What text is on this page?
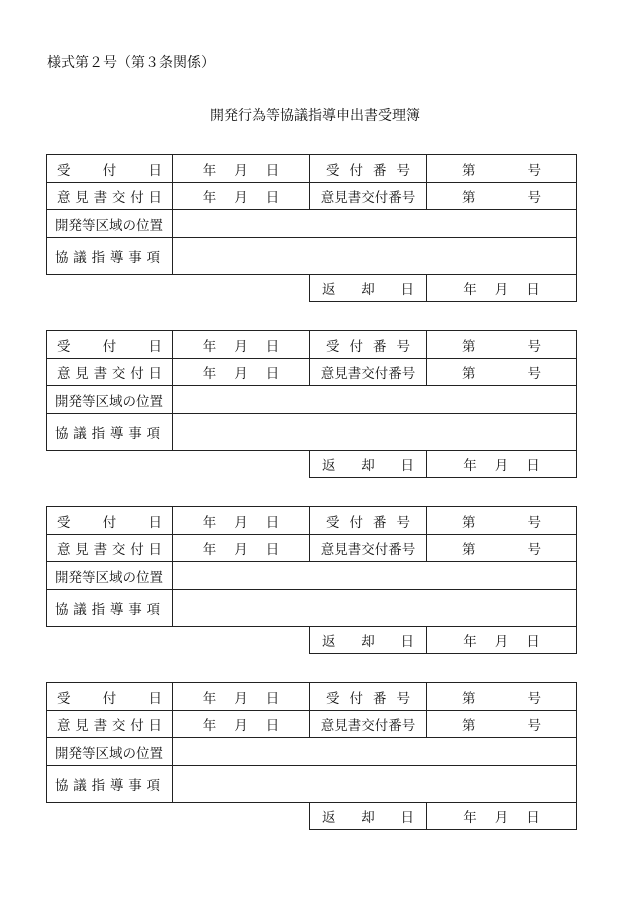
様式第２号（第３条関係）
開発行為等協議指導申出書受理簿
受 付 日	年 月 日	受 付 番 号	第	号
意 見 書 交 付 日	年 月 日	意見書交付番号	第	号
開発等区域の位置
協 議 指 導 事 項
返 却 日	年 月 日
受 付 日	年 月 日	受 付 番 号	第	号
意 見 書 交 付 日	年 月 日	意見書交付番号	第	号
開発等区域の位置
協 議 指 導 事 項
返 却 日	年 月 日
受 付 日	年 月 日	受 付 番 号	第	号
意 見 書 交 付 日	年 月 日	意見書交付番号	第	号
開発等区域の位置
協 議 指 導 事 項
返 却 日	年 月 日
受 付 日	年 月 日	受 付 番 号	第	号
意 見 書 交 付 日	年 月 日	意見書交付番号	第	号
開発等区域の位置
協 議 指 導 事 項
返 却 日	年 月 日
